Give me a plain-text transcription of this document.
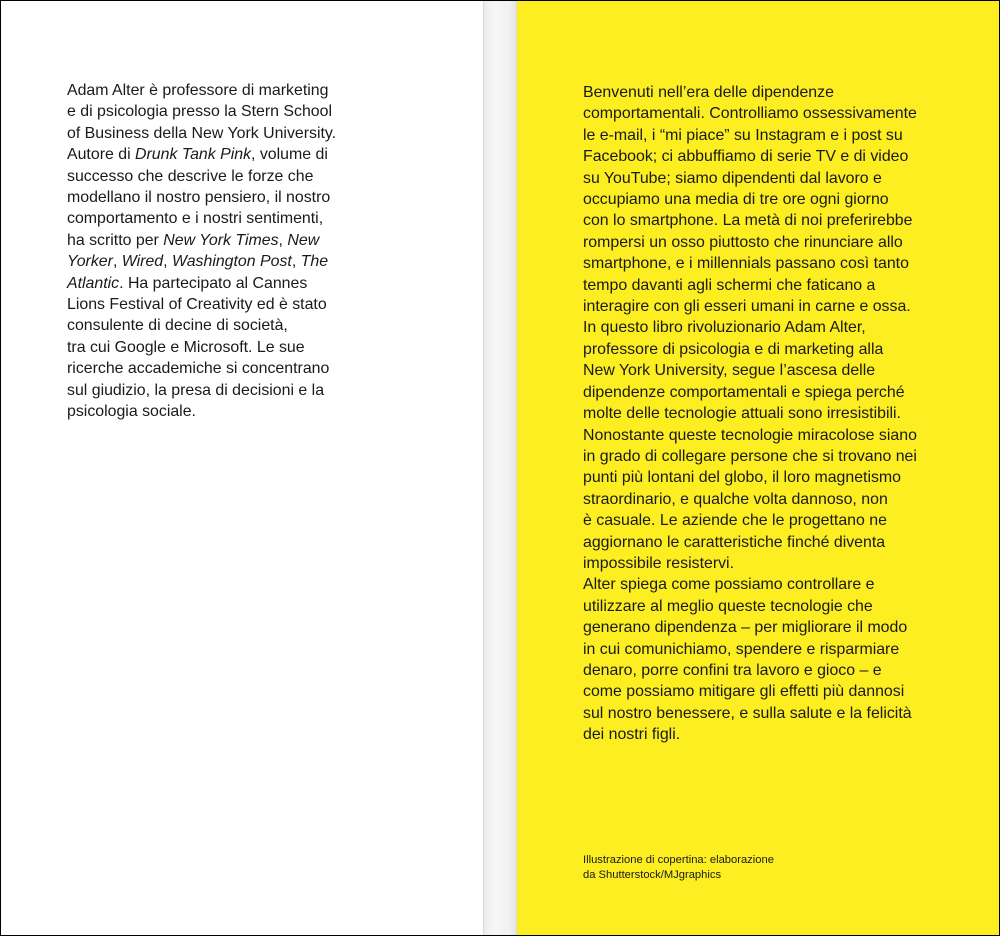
Adam Alter è professore di marketing
e di psicologia presso la Stern School
of Business della New York University.
Autore di Drunk Tank Pink, volume di
successo che descrive le forze che
modellano il nostro pensiero, il nostro
comportamento e i nostri sentimenti,
ha scritto per New York Times, New
Yorker, Wired, Washington Post, The
Atlantic. Ha partecipato al Cannes
Lions Festival of Creativity ed è stato
consulente di decine di società,
tra cui Google e Microsoft. Le sue
ricerche accademiche si concentrano
sul giudizio, la presa di decisioni e la
psicologia sociale.

Benvenuti nell’era delle dipendenze
comportamentali. Controlliamo ossessivamente
le e-mail, i “mi piace” su Instagram e i post su
Facebook; ci abbuffiamo di serie TV e di video
su YouTube; siamo dipendenti dal lavoro e
occupiamo una media di tre ore ogni giorno
con lo smartphone. La metà di noi preferirebbe
rompersi un osso piuttosto che rinunciare allo
smartphone, e i millennials passano così tanto
tempo davanti agli schermi che faticano a
interagire con gli esseri umani in carne e ossa.

In questo libro rivoluzionario Adam Alter,
professore di psicologia e di marketing alla
New York University, segue l’ascesa delle
dipendenze comportamentali e spiega perché
molte delle tecnologie attuali sono irresistibili.
Nonostante queste tecnologie miracolose siano
in grado di collegare persone che si trovano nei
punti più lontani del globo, il loro magnetismo
straordinario, e qualche volta dannoso, non
è casuale. Le aziende che le progettano ne
aggiornano le caratteristiche finché diventa
impossibile resistervi.

Alter spiega come possiamo controllare e
utilizzare al meglio queste tecnologie che
generano dipendenza – per migliorare il modo
in cui comunichiamo, spendere e risparmiare
denaro, porre confini tra lavoro e gioco – e
come possiamo mitigare gli effetti più dannosi
sul nostro benessere, e sulla salute e la felicità
dei nostri figli.

Illustrazione di copertina: elaborazione
da Shutterstock/MJgraphics
